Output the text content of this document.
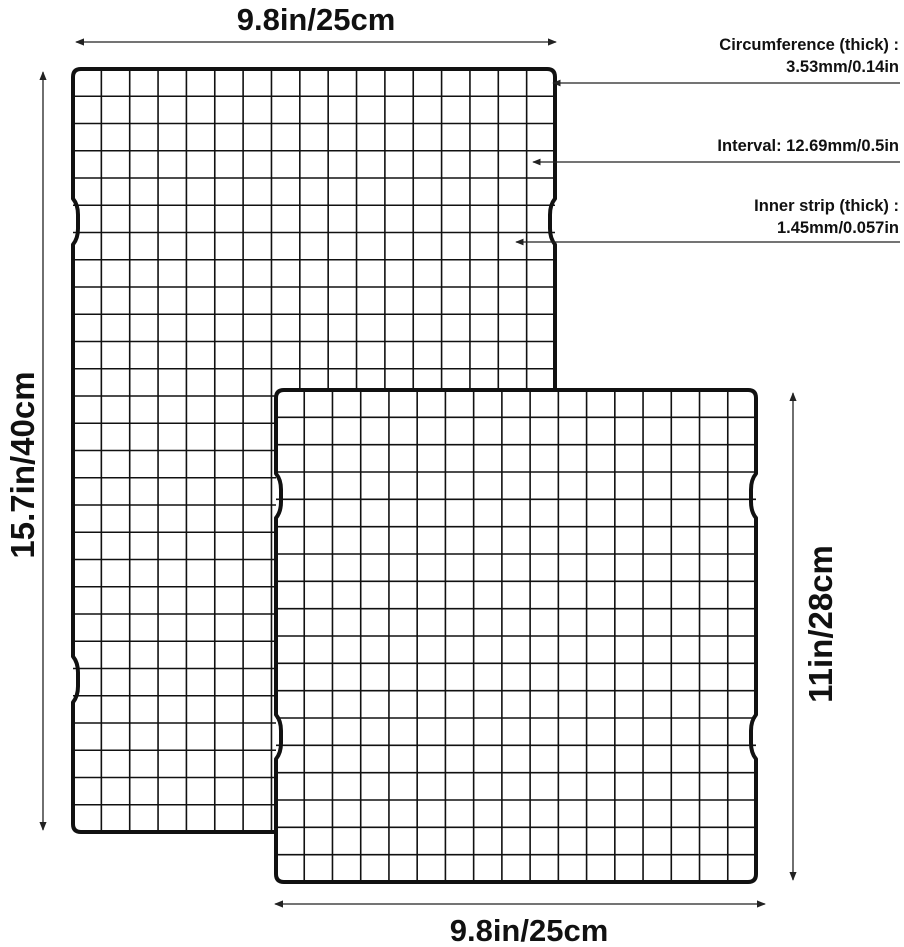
9.8in/25cm
15.7in/40cm
11in/28cm
9.8in/25cm
Circumference (thick) :
3.53mm/0.14in
Interval: 12.69mm/0.5in
Inner strip (thick) :
1.45mm/0.057in
